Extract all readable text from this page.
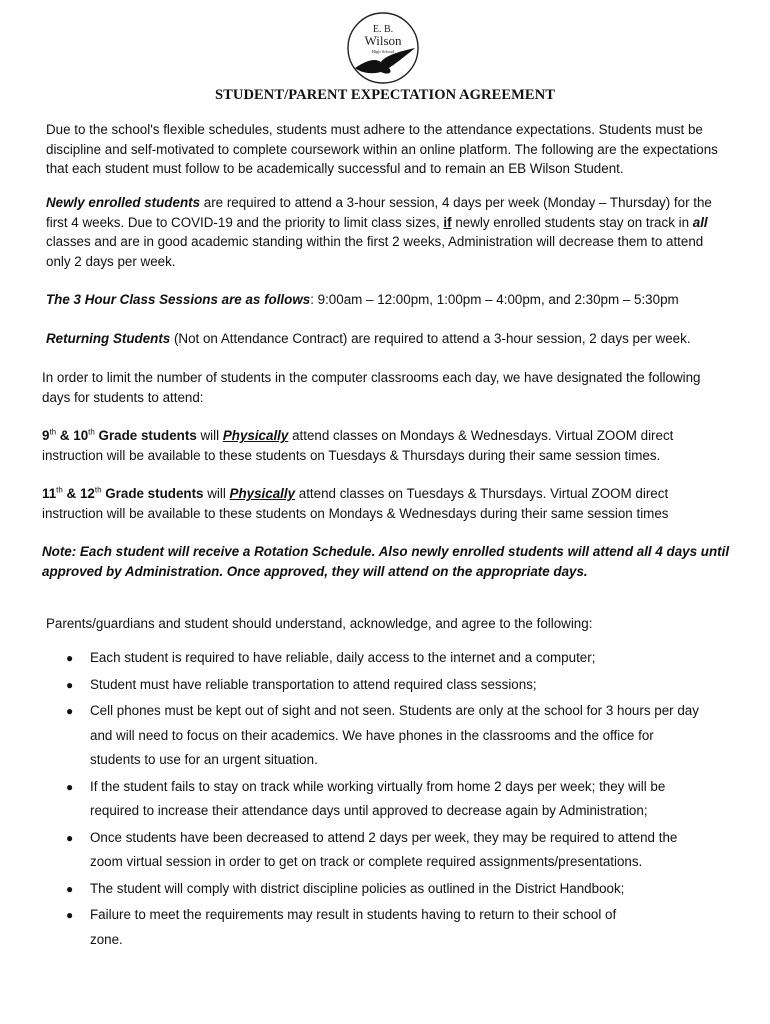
E. B.
Wilson
High School
STUDENT/PARENT EXPECTATION AGREEMENT

Due to the school's flexible schedules, students must adhere to the attendance expectations. Students must be discipline and self-motivated to complete coursework within an online platform. The following are the expectations that each student must follow to be academically successful and to remain an EB Wilson Student.

Newly enrolled students are required to attend a 3-hour session, 4 days per week (Monday – Thursday) for the first 4 weeks. Due to COVID-19 and the priority to limit class sizes, if newly enrolled students stay on track in all classes and are in good academic standing within the first 2 weeks, Administration will decrease them to attend only 2 days per week.

The 3 Hour Class Sessions are as follows: 9:00am – 12:00pm, 1:00pm – 4:00pm, and 2:30pm – 5:30pm

Returning Students (Not on Attendance Contract) are required to attend a 3-hour session, 2 days per week.

In order to limit the number of students in the computer classrooms each day, we have designated the following days for students to attend:

9th & 10th Grade students will Physically attend classes on Mondays & Wednesdays. Virtual ZOOM direct instruction will be available to these students on Tuesdays & Thursdays during their same session times.

11th & 12th Grade students will Physically attend classes on Tuesdays & Thursdays. Virtual ZOOM direct instruction will be available to these students on Mondays & Wednesdays during their same session times

Note: Each student will receive a Rotation Schedule. Also newly enrolled students will attend all 4 days until approved by Administration. Once approved, they will attend on the appropriate days.

Parents/guardians and student should understand, acknowledge, and agree to the following:

● Each student is required to have reliable, daily access to the internet and a computer;
● Student must have reliable transportation to attend required class sessions;
● Cell phones must be kept out of sight and not seen. Students are only at the school for 3 hours per day and will need to focus on their academics. We have phones in the classrooms and the office for students to use for an urgent situation.
● If the student fails to stay on track while working virtually from home 2 days per week; they will be required to increase their attendance days until approved to decrease again by Administration;
● Once students have been decreased to attend 2 days per week, they may be required to attend the zoom virtual session in order to get on track or complete required assignments/presentations.
● The student will comply with district discipline policies as outlined in the District Handbook;
● Failure to meet the requirements may result in students having to return to their school of zone.
